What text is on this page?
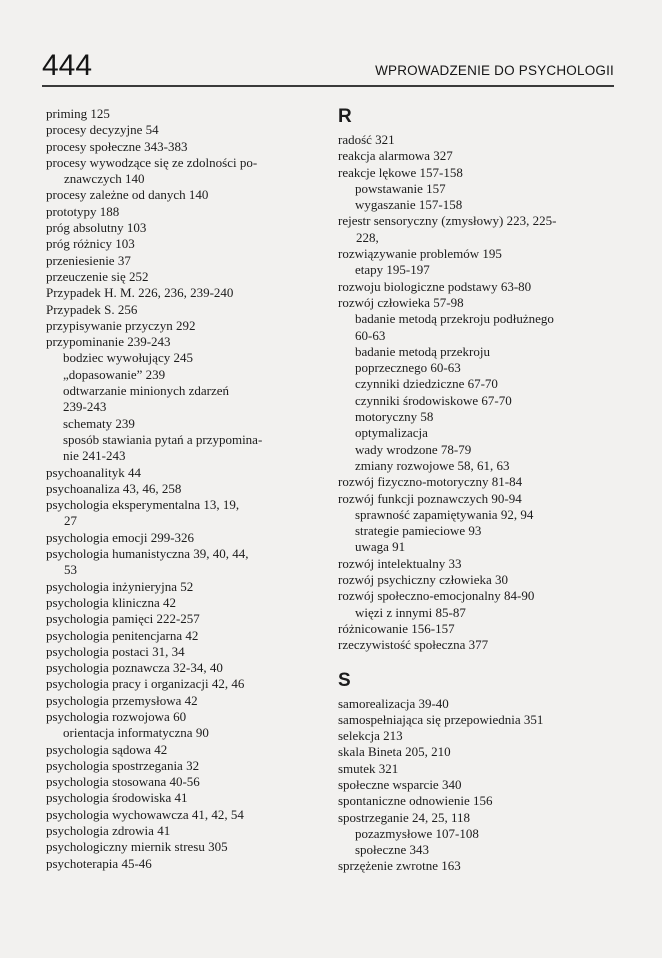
444	WPROWADZENIE DO PSYCHOLOGII
priming 125
procesy decyzyjne 54
procesy społeczne 343-383
procesy wywodzące się ze zdolności po-
znawczych 140
procesy zależne od danych 140
prototypy 188
próg absolutny 103
próg różnicy 103
przeniesienie 37
przeuczenie się 252
Przypadek H. M. 226, 236, 239-240
Przypadek S. 256
przypisywanie przyczyn 292
przypominanie 239-243
bodziec wywołujący 245
„dopasowanie” 239
odtwarzanie minionych zdarzeń
239-243
schematy 239
sposób stawiania pytań a przypomina-
nie 241-243
psychoanalityk 44
psychoanaliza 43, 46, 258
psychologia eksperymentalna 13, 19,
27
psychologia emocji 299-326
psychologia humanistyczna 39, 40, 44,
53
psychologia inżynieryjna 52
psychologia kliniczna 42
psychologia pamięci 222-257
psychologia penitencjarna 42
psychologia postaci 31, 34
psychologia poznawcza 32-34, 40
psychologia pracy i organizacji 42, 46
psychologia przemysłowa 42
psychologia rozwojowa 60
orientacja informatyczna 90
psychologia sądowa 42
psychologia spostrzegania 32
psychologia stosowana 40-56
psychologia środowiska 41
psychologia wychowawcza 41, 42, 54
psychologia zdrowia 41
psychologiczny miernik stresu 305
psychoterapia 45-46
R
radość 321
reakcja alarmowa 327
reakcje lękowe 157-158
powstawanie 157
wygaszanie 157-158
rejestr sensoryczny (zmysłowy) 223, 225-
228,
rozwiązywanie problemów 195
etapy 195-197
rozwoju biologiczne podstawy 63-80
rozwój człowieka 57-98
badanie metodą przekroju podłużnego
60-63
badanie metodą przekroju
poprzecznego 60-63
czynniki dziedziczne 67-70
czynniki środowiskowe 67-70
motoryczny 58
optymalizacja
wady wrodzone 78-79
zmiany rozwojowe 58, 61, 63
rozwój fizyczno-motoryczny 81-84
rozwój funkcji poznawczych 90-94
sprawność zapamiętywania 92, 94
strategie pamieciowe 93
uwaga 91
rozwój intelektualny 33
rozwój psychiczny człowieka 30
rozwój społeczno-emocjonalny 84-90
więzi z innymi 85-87
różnicowanie 156-157
rzeczywistość społeczna 377
S
samorealizacja 39-40
samospełniająca się przepowiednia 351
selekcja 213
skala Bineta 205, 210
smutek 321
społeczne wsparcie 340
spontaniczne odnowienie 156
spostrzeganie 24, 25, 118
pozazmysłowe 107-108
społeczne 343
sprzężenie zwrotne 163
